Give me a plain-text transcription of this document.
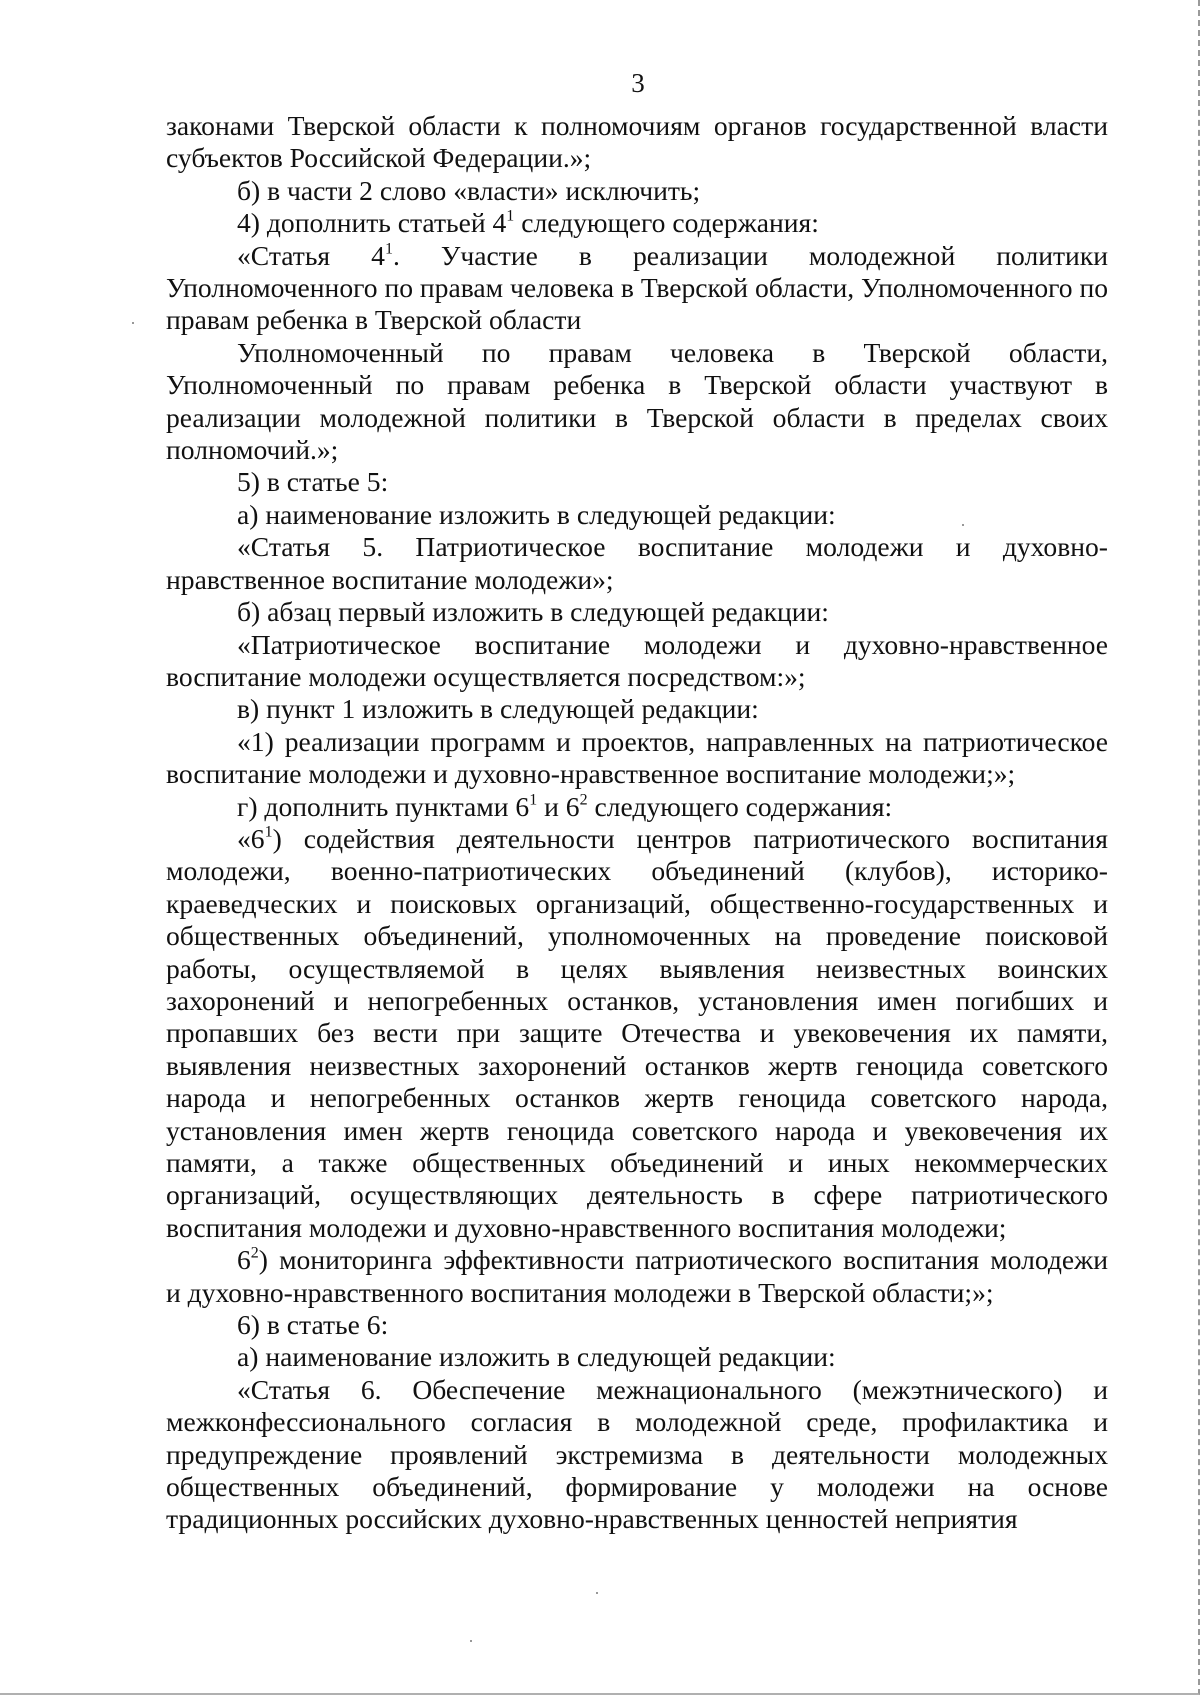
3

законами Тверской области к полномочиям органов государственной власти субъектов Российской Федерации.»;

б) в части 2 слово «власти» исключить;

4) дополнить статьей $4^1$ следующего содержания:

«Статья $4^1$. Участие в реализации молодежной политики Уполномоченного по правам человека в Тверской области, Уполномоченного по правам ребенка в Тверской области

Уполномоченный по правам человека в Тверской области, Уполномоченный по правам ребенка в Тверской области участвуют в реализации молодежной политики в Тверской области в пределах своих полномочий.»;

5) в статье 5:

а) наименование изложить в следующей редакции:

«Статья 5. Патриотическое воспитание молодежи и духовно-нравственное воспитание молодежи»;

б) абзац первый изложить в следующей редакции:

«Патриотическое воспитание молодежи и духовно-нравственное воспитание молодежи осуществляется посредством:»;

в) пункт 1 изложить в следующей редакции:

«1) реализации программ и проектов, направленных на патриотическое воспитание молодежи и духовно-нравственное воспитание молодежи;»;

г) дополнить пунктами $6^1$ и $6^2$ следующего содержания:

«$6^1$) содействия деятельности центров патриотического воспитания молодежи, военно-патриотических объединений (клубов), историко-краеведческих и поисковых организаций, общественно-государственных и общественных объединений, уполномоченных на проведение поисковой работы, осуществляемой в целях выявления неизвестных воинских захоронений и непогребенных останков, установления имен погибших и пропавших без вести при защите Отечества и увековечения их памяти, выявления неизвестных захоронений останков жертв геноцида советского народа и непогребенных останков жертв геноцида советского народа, установления имен жертв геноцида советского народа и увековечения их памяти, а также общественных объединений и иных некоммерческих организаций, осуществляющих деятельность в сфере патриотического воспитания молодежи и духовно-нравственного воспитания молодежи;

$6^2$) мониторинга эффективности патриотического воспитания молодежи и духовно-нравственного воспитания молодежи в Тверской области;»;

6) в статье 6:

а) наименование изложить в следующей редакции:

«Статья 6. Обеспечение межнационального (межэтнического) и межконфессионального согласия в молодежной среде, профилактика и предупреждение проявлений экстремизма в деятельности молодежных общественных объединений, формирование у молодежи на основе традиционных российских духовно-нравственных ценностей неприятия
